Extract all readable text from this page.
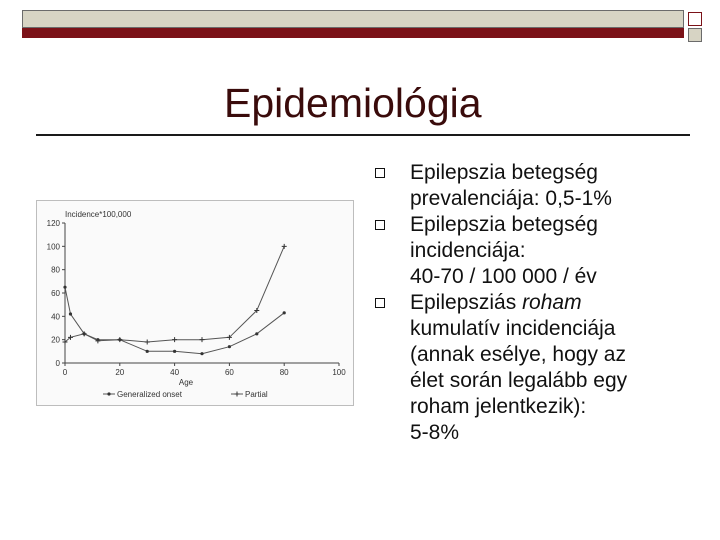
Epidemiológia
0
20
40
60
80
100
120
0	20	40	60	80	100
Incidence*100,000
Age
Generalized onset	Partial
Epilepszia betegség
prevalenciája: 0,5-1%
Epilepszia betegség
incidenciája:
40-70 / 100 000 / év
Epilepsziás roham
kumulatív incidenciája
(annak esélye, hogy az
élet során legalább egy
roham jelentkezik):
5-8%
